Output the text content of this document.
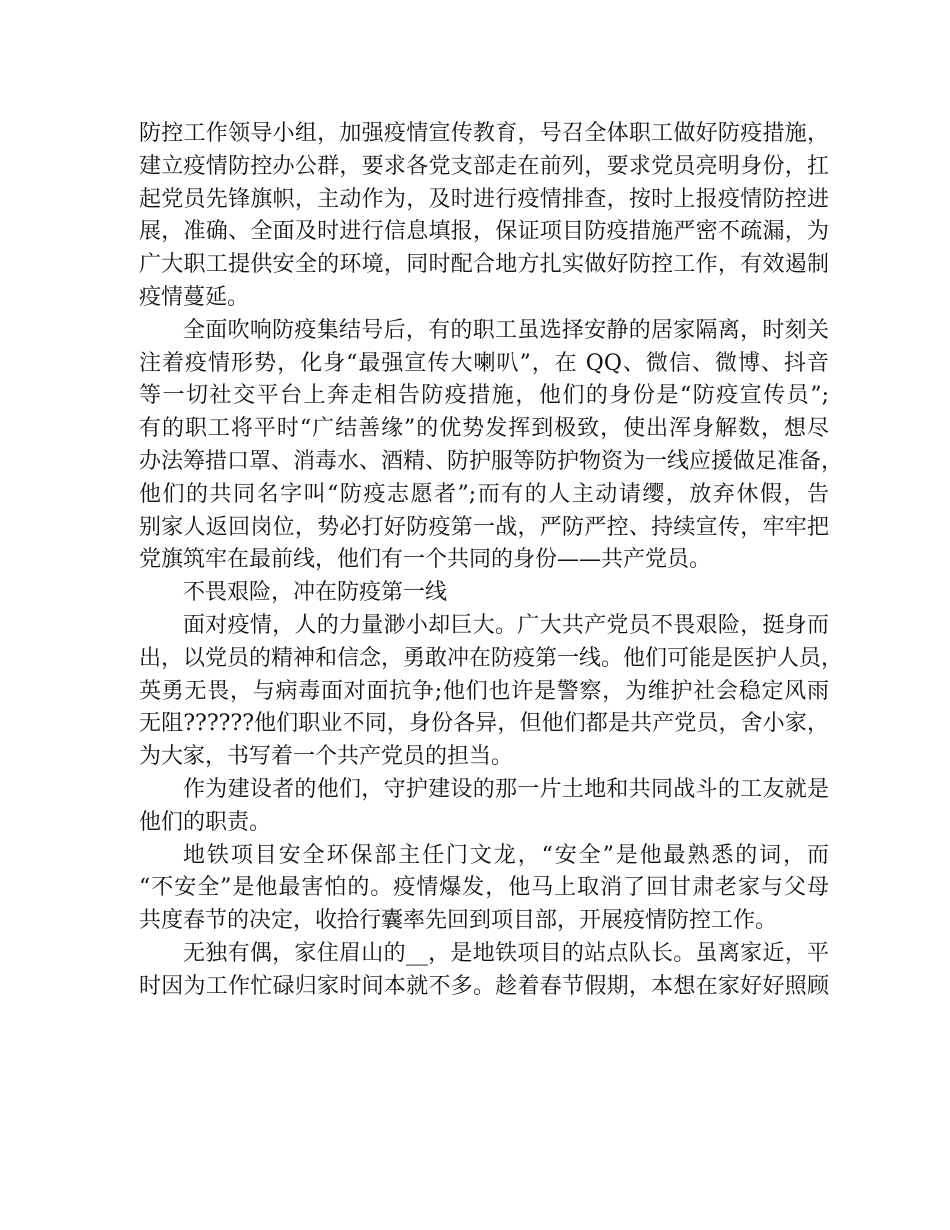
防控工作领导小组，加强疫情宣传教育，号召全体职工做好防疫措施，
建立疫情防控办公群，要求各党支部走在前列，要求党员亮明身份，扛
起党员先锋旗帜，主动作为，及时进行疫情排查，按时上报疫情防控进
展，准确、全面及时进行信息填报，保证项目防疫措施严密不疏漏，为
广大职工提供安全的环境，同时配合地方扎实做好防控工作，有效遏制
疫情蔓延。
全面吹响防疫集结号后，有的职工虽选择安静的居家隔离，时刻关
注着疫情形势，化身“最强宣传大喇叭”，在 QQ、微信、微博、抖音
等一切社交平台上奔走相告防疫措施，他们的身份是“防疫宣传员”;
有的职工将平时“广结善缘”的优势发挥到极致，使出浑身解数，想尽
办法筹措口罩、消毒水、酒精、防护服等防护物资为一线应援做足准备，
他们的共同名字叫“防疫志愿者”;而有的人主动请缨，放弃休假，告
别家人返回岗位，势必打好防疫第一战，严防严控、持续宣传，牢牢把
党旗筑牢在最前线，他们有一个共同的身份——共产党员。
不畏艰险，冲在防疫第一线
面对疫情，人的力量渺小却巨大。广大共产党员不畏艰险，挺身而
出，以党员的精神和信念，勇敢冲在防疫第一线。他们可能是医护人员，
英勇无畏，与病毒面对面抗争;他们也许是警察，为维护社会稳定风雨
无阻??????他们职业不同，身份各异，但他们都是共产党员，舍小家，
为大家，书写着一个共产党员的担当。
作为建设者的他们，守护建设的那一片土地和共同战斗的工友就是
他们的职责。
地铁项目安全环保部主任门文龙，“安全”是他最熟悉的词，而
“不安全”是他最害怕的。疫情爆发，他马上取消了回甘肃老家与父母
共度春节的决定，收拾行囊率先回到项目部，开展疫情防控工作。
无独有偶，家住眉山的__，是地铁项目的站点队长。虽离家近，平
时因为工作忙碌归家时间本就不多。趁着春节假期，本想在家好好照顾
